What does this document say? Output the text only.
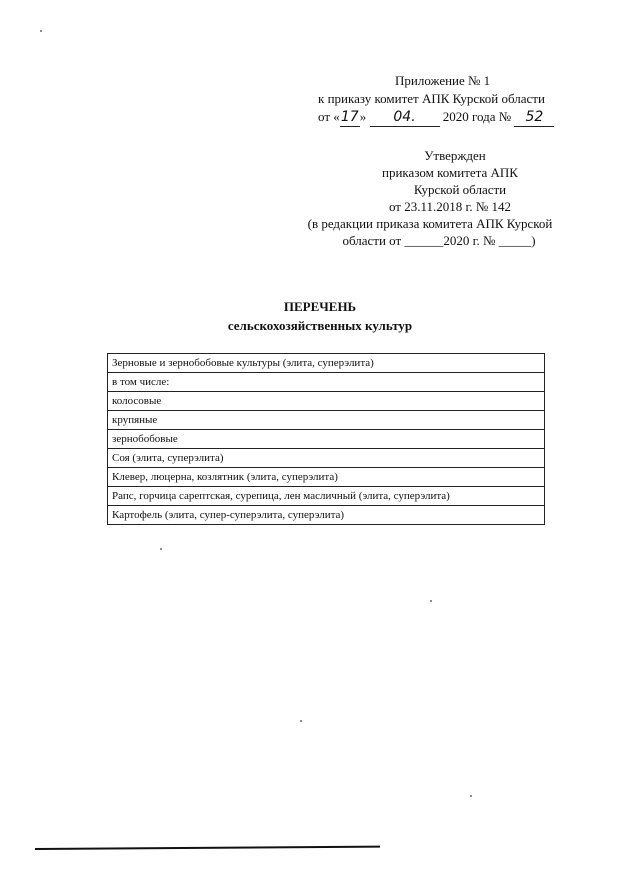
Приложение № 1
к приказу комитет АПК Курской области
от «17» 04. 2020 года № 52
Утвержден
приказом комитета АПК
Курской области
от 23.11.2018 г. № 142
(в редакции приказа комитета АПК Курской
области от ______2020 г. № _____)
ПЕРЕЧЕНЬ
сельскохозяйственных культур
Зерновые и зернобобовые культуры (элита, суперэлита)
в том числе:
колосовые
крупяные
зернобобовые
Соя (элита, суперэлита)
Клевер, люцерна, козлятник (элита, суперэлита)
Рапс, горчица сарептская, сурепица, лен масличный (элита, суперэлита)
Картофель (элита, супер-суперэлита, суперэлита)
